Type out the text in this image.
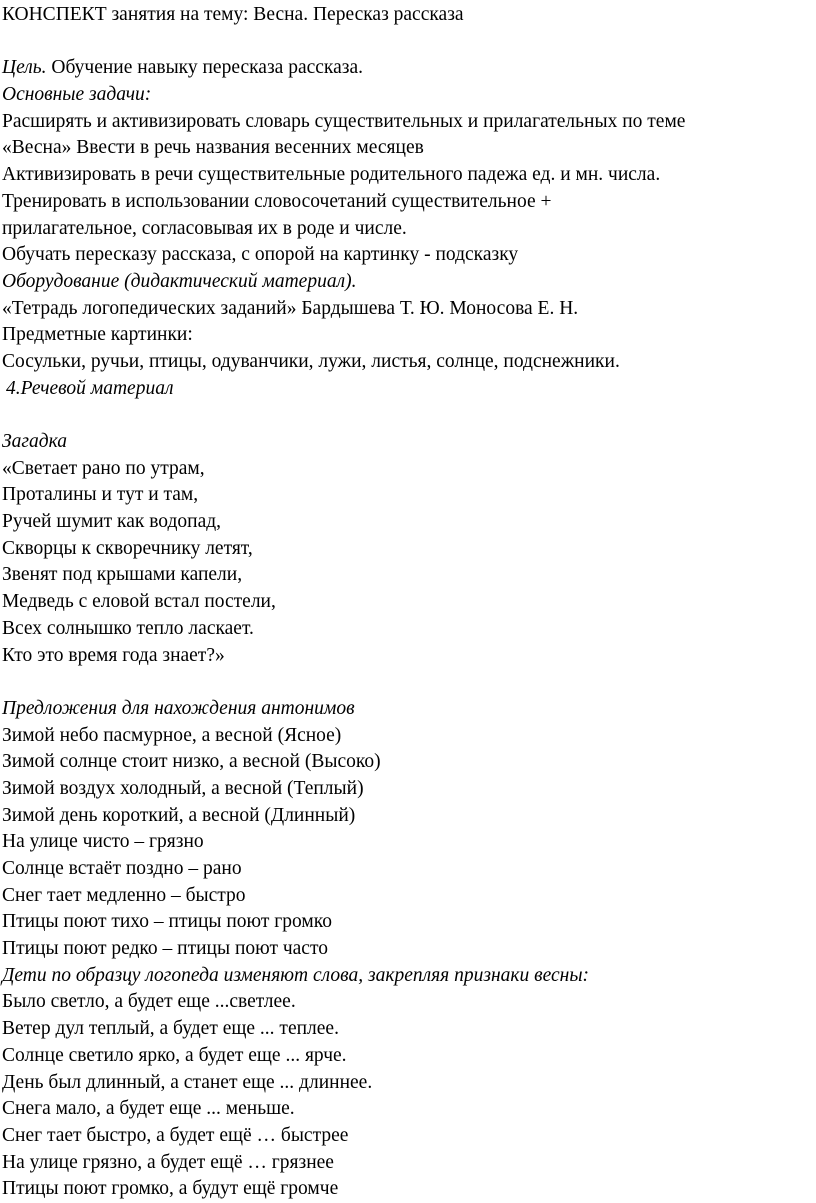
КОНСПЕКТ занятия на тему: Весна. Пересказ рассказа
Цель. Обучение навыку пересказа рассказа.
Основные задачи:
Расширять и активизировать словарь существительных и прилагательных по теме
«Весна» Ввести в речь названия весенних месяцев
Активизировать в речи существительные родительного падежа ед. и мн. числа.
Тренировать в использовании словосочетаний существительное +
прилагательное, согласовывая их в роде и числе.
Обучать пересказу рассказа, с опорой на картинку - подсказку
Оборудование (дидактический материал).
«Тетрадь логопедических заданий» Бардышева Т. Ю. Моносова Е. Н.
Предметные картинки:
Сосульки, ручьи, птицы, одуванчики, лужи, листья, солнце, подснежники.
4.Речевой материал
Загадка
«Светает рано по утрам,
Проталины и тут и там,
Ручей шумит как водопад,
Скворцы к скворечнику летят,
Звенят под крышами капели,
Медведь с еловой встал постели,
Всех солнышко тепло ласкает.
Кто это время года знает?»
Предложения для нахождения антонимов
Зимой небо пасмурное, а весной (Ясное)
Зимой солнце стоит низко, а весной (Высоко)
Зимой воздух холодный, а весной (Теплый)
Зимой день короткий, а весной (Длинный)
На улице чисто – грязно
Солнце встаёт поздно – рано
Снег тает медленно – быстро
Птицы поют тихо – птицы поют громко
Птицы поют редко – птицы поют часто
Дети по образцу логопеда изменяют слова, закрепляя признаки весны:
Было светло, а будет еще ...светлее.
Ветер дул теплый, а будет еще ... теплее.
Солнце светило ярко, а будет еще ... ярче.
День был длинный, а станет еще ... длиннее.
Снега мало, а будет еще ... меньше.
Снег тает быстро, а будет ещё … быстрее
На улице грязно, а будет ещё … грязнее
Птицы поют громко, а будут ещё громче
